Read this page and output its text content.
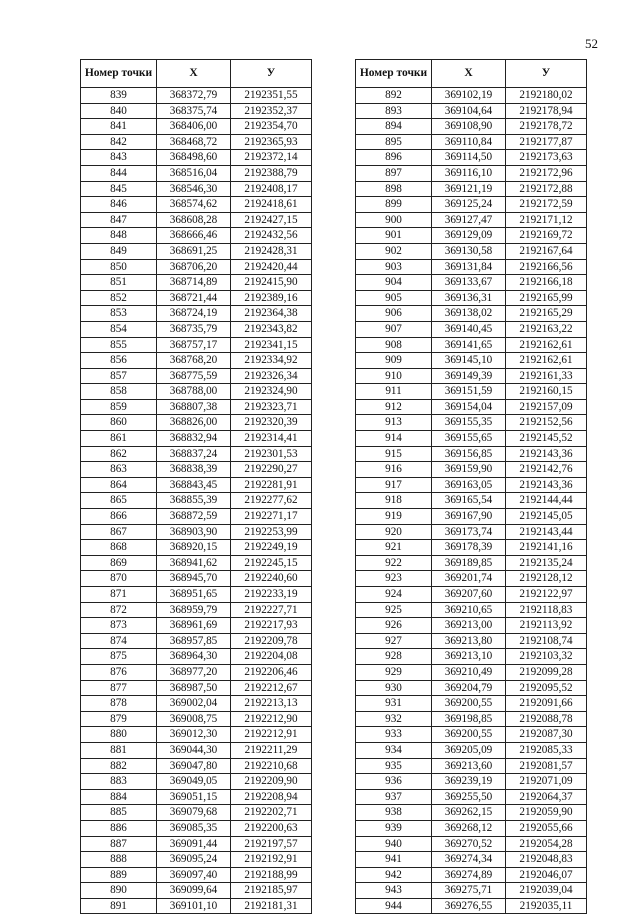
52
Номер точки	Х	У
839	368372,79	2192351,55
840	368375,74	2192352,37
841	368406,00	2192354,70
842	368468,72	2192365,93
843	368498,60	2192372,14
844	368516,04	2192388,79
845	368546,30	2192408,17
846	368574,62	2192418,61
847	368608,28	2192427,15
848	368666,46	2192432,56
849	368691,25	2192428,31
850	368706,20	2192420,44
851	368714,89	2192415,90
852	368721,44	2192389,16
853	368724,19	2192364,38
854	368735,79	2192343,82
855	368757,17	2192341,15
856	368768,20	2192334,92
857	368775,59	2192326,34
858	368788,00	2192324,90
859	368807,38	2192323,71
860	368826,00	2192320,39
861	368832,94	2192314,41
862	368837,24	2192301,53
863	368838,39	2192290,27
864	368843,45	2192281,91
865	368855,39	2192277,62
866	368872,59	2192271,17
867	368903,90	2192253,99
868	368920,15	2192249,19
869	368941,62	2192245,15
870	368945,70	2192240,60
871	368951,65	2192233,19
872	368959,79	2192227,71
873	368961,69	2192217,93
874	368957,85	2192209,78
875	368964,30	2192204,08
876	368977,20	2192206,46
877	368987,50	2192212,67
878	369002,04	2192213,13
879	369008,75	2192212,90
880	369012,30	2192212,91
881	369044,30	2192211,29
882	369047,80	2192210,68
883	369049,05	2192209,90
884	369051,15	2192208,94
885	369079,68	2192202,71
886	369085,35	2192200,63
887	369091,44	2192197,57
888	369095,24	2192192,91
889	369097,40	2192188,99
890	369099,64	2192185,97
891	369101,10	2192181,31
Номер точки	Х	У
892	369102,19	2192180,02
893	369104,64	2192178,94
894	369108,90	2192178,72
895	369110,84	2192177,87
896	369114,50	2192173,63
897	369116,10	2192172,96
898	369121,19	2192172,88
899	369125,24	2192172,59
900	369127,47	2192171,12
901	369129,09	2192169,72
902	369130,58	2192167,64
903	369131,84	2192166,56
904	369133,67	2192166,18
905	369136,31	2192165,99
906	369138,02	2192165,29
907	369140,45	2192163,22
908	369141,65	2192162,61
909	369145,10	2192162,61
910	369149,39	2192161,33
911	369151,59	2192160,15
912	369154,04	2192157,09
913	369155,35	2192152,56
914	369155,65	2192145,52
915	369156,85	2192143,36
916	369159,90	2192142,76
917	369163,05	2192143,36
918	369165,54	2192144,44
919	369167,90	2192145,05
920	369173,74	2192143,44
921	369178,39	2192141,16
922	369189,85	2192135,24
923	369201,74	2192128,12
924	369207,60	2192122,97
925	369210,65	2192118,83
926	369213,00	2192113,92
927	369213,80	2192108,74
928	369213,10	2192103,32
929	369210,49	2192099,28
930	369204,79	2192095,52
931	369200,55	2192091,66
932	369198,85	2192088,78
933	369200,55	2192087,30
934	369205,09	2192085,33
935	369213,60	2192081,57
936	369239,19	2192071,09
937	369255,50	2192064,37
938	369262,15	2192059,90
939	369268,12	2192055,66
940	369270,52	2192054,28
941	369274,34	2192048,83
942	369274,89	2192046,07
943	369275,71	2192039,04
944	369276,55	2192035,11
